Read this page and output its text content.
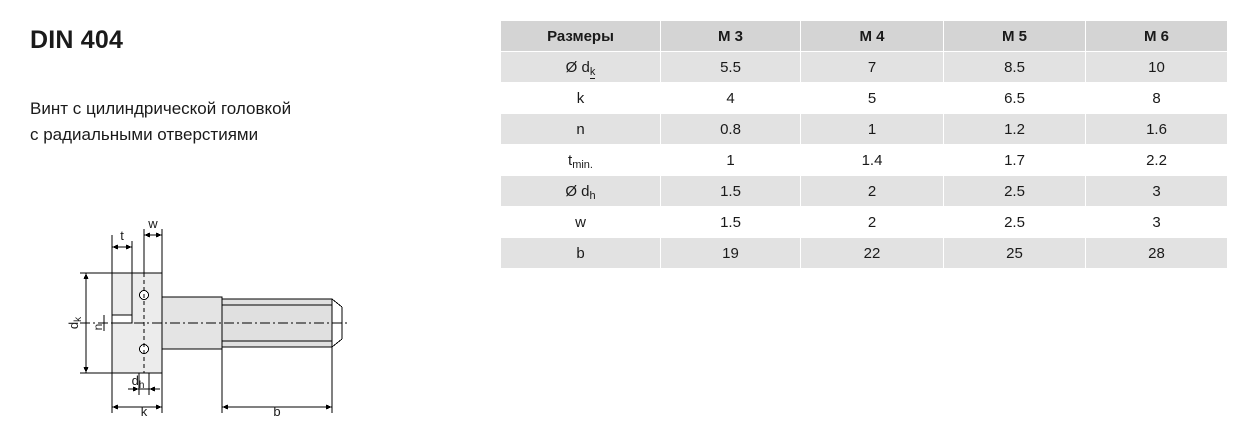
DIN 404
Винт с цилиндрической головкой
с радиальными отверстиями
w
t
k	b
$d_h$
n
$d_k$
Размеры	M 3	M 4	M 5	M 6
Ø $d_k$	5.5	7	8.5	10
k	4	5	6.5	8
n	0.8	1	1.2	1.6
$t_{min.}$	1	1.4	1.7	2.2
Ø $d_h$	1.5	2	2.5	3
w	1.5	2	2.5	3
b	19	22	25	28
